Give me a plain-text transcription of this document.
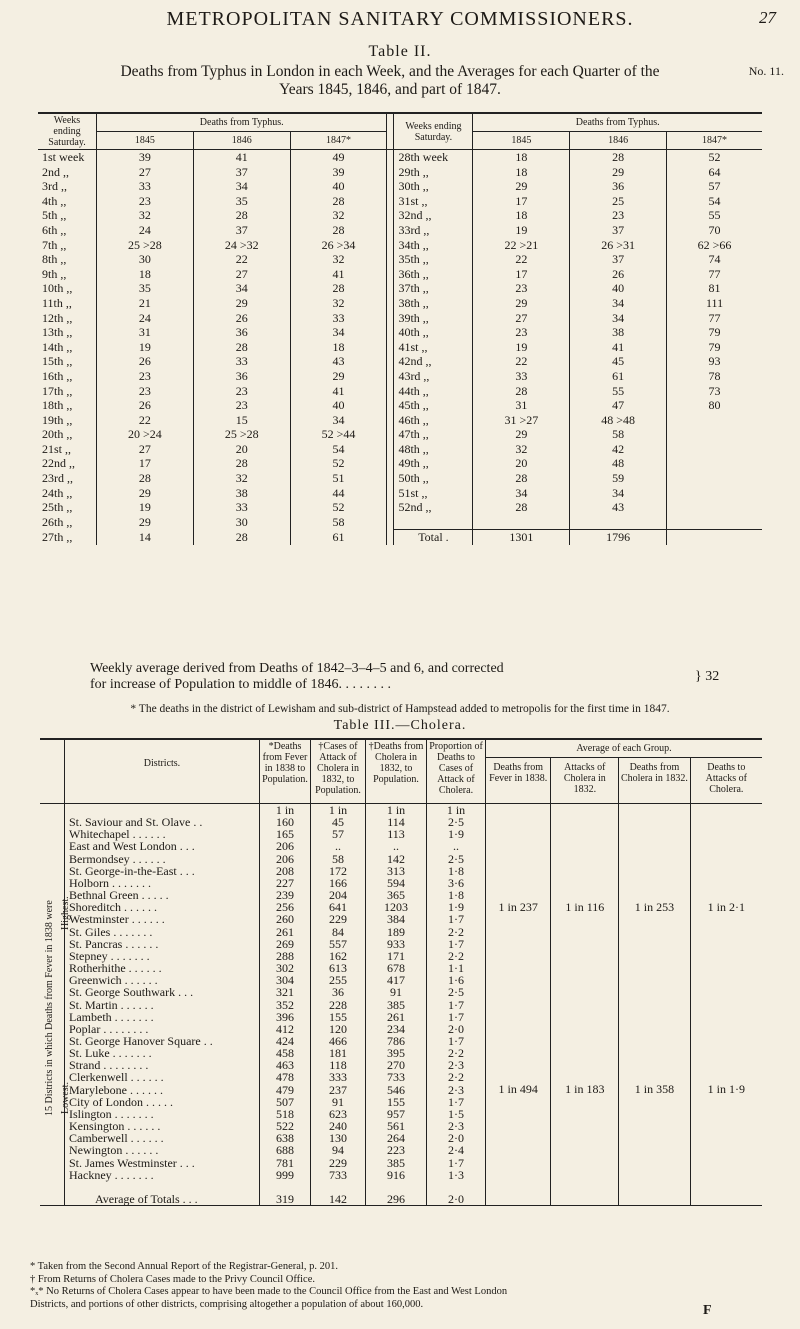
METROPOLITAN SANITARY COMMISSIONERS.	27
Table II.
No. 11.
Deaths from Typhus in London in each Week, and the Averages for each Quarter of the
Years 1845, 1846, and part of 1847.
Weeks ending Saturday.	Deaths from Typhus.				Weeks ending Saturday.	Deaths from Typhus.		
	1845	1846	1847*			1845	1846	1847*
1st week	39	41	49		28th week	18	28	52
2nd ,,	27	37	39		29th ,,	18	29	64
3rd ,,	33	34	40		30th ,,	29	36	57
4th ,,	23	35	28		31st ,,	17	25	54
5th ,,	32	28	32		32nd ,,	18	23	55
6th ,,	24	37	28		33rd ,,	19	37	70
7th ,,	25 >28	24 >32	26 >34		34th ,,	22 >21	26 >31	62 >66
8th ,,	30	22	32		35th ,,	22	37	74
9th ,,	18	27	41		36th ,,	17	26	77
10th ,,	35	34	28		37th ,,	23	40	81
11th ,,	21	29	32		38th ,,	29	34	111
12th ,,	24	26	33		39th ,,	27	34	77
13th ,,	31	36	34		40th ,,	23	38	79
14th ,,	19	28	18		41st ,,	19	41	79
15th ,,	26	33	43		42nd ,,	22	45	93
16th ,,	23	36	29		43rd ,,	33	61	78
17th ,,	23	23	41		44th ,,	28	55	73
18th ,,	26	23	40		45th ,,	31	47	80
19th ,,	22	15	34		46th ,,	31 >27	48 >48	
20th ,,	20 >24	25 >28	52 >44		47th ,,	29	58	
21st ,,	27	20	54		48th ,,	32	42	
22nd ,,	17	28	52		49th ,,	20	48	
23rd ,,	28	32	51		50th ,,	28	59	
24th ,,	29	38	44		51st ,,	34	34	
25th ,,	19	33	52		52nd ,,	28	43	
26th ,,	29	30	58					
27th ,,	14	28	61		Total .	1301	1796	
Weekly average derived from Deaths of 1842–3–4–5 and 6, and corrected
for increase of Population to middle of 1846. . . . . . . .
} 32
* The deaths in the district of Lewisham and sub-district of Hampstead added to metropolis for the first time in 1847.
Table III.—Cholera.
	Districts.	*Deaths from Fever in 1838 to Population.	†Cases of Attack of Cholera in 1832, to Population.	†Deaths from Cholera in 1832, to Population.	Proportion of Deaths to Cases of Attack of Cholera.	Average of each Group.			
						Deaths from Fever in 1838.	Attacks of Cholera in 1832.	Deaths from Cholera in 1832.	Deaths to Attacks of Cholera.
		1 in	1 in	1 in	1 in				
	St. Saviour and St. Olave . .	160	45	114	2·5	1 in 237	1 in 116	1 in 253	1 in 2·1
	Whitechapel . . . . . .	165	57	113	1·9				
	East and West London . . .	206	..	..	..				
	Bermondsey . . . . . .	206	58	142	2·5				
	St. George-in-the-East . . .	208	172	313	1·8				
	Holborn . . . . . . .	227	166	594	3·6				
	Bethnal Green . . . . .	239	204	365	1·8				
	Shoreditch . . . . . .	256	641	1203	1·9				
	Westminster . . . . . .	260	229	384	1·7				
	St. Giles . . . . . . .	261	84	189	2·2				
	St. Pancras . . . . . .	269	557	933	1·7				
	Stepney . . . . . . .	288	162	171	2·2				
	Rotherhithe . . . . . .	302	613	678	1·1				
	Greenwich . . . . . .	304	255	417	1·6				
	St. George Southwark . . .	321	36	91	2·5				
	St. Martin . . . . . .	352	228	385	1·7	1 in 494	1 in 183	1 in 358	1 in 1·9
	Lambeth . . . . . . .	396	155	261	1·7				
	Poplar . . . . . . . .	412	120	234	2·0				
	St. George Hanover Square . .	424	466	786	1·7				
	St. Luke . . . . . . .	458	181	395	2·2				
	Strand . . . . . . . .	463	118	270	2·3				
	Clerkenwell . . . . . .	478	333	733	2·2				
	Marylebone . . . . . .	479	237	546	2·3				
	City of London . . . . .	507	91	155	1·7				
	Islington . . . . . . .	518	623	957	1·5				
	Kensington . . . . . .	522	240	561	2·3				
	Camberwell . . . . . .	638	130	264	2·0				
	Newington . . . . . .	688	94	223	2·4				
	St. James Westminster . . .	781	229	385	1·7				
	Hackney . . . . . . .	999	733	916	1·3				

	Average of Totals . . .	319	142	296	2·0				
* Taken from the Second Annual Report of the Registrar-General, p. 201.
† From Returns of Cholera Cases made to the Privy Council Office.
*ₓ* No Returns of Cholera Cases appear to have been made to the Council Office from the East and West London
Districts, and portions of other districts, comprising altogether a population of about 160,000.	F
15 Districts in which Deaths from Fever in 1838 were Highest.
Lowest.
